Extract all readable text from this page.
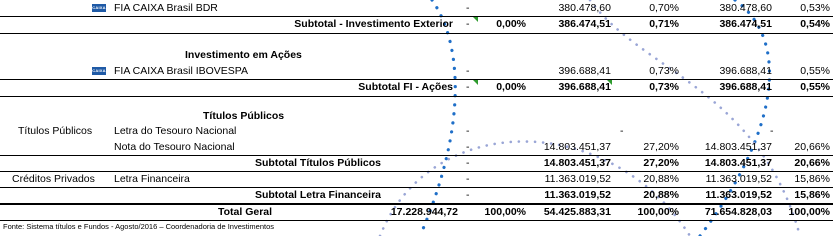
CAIXA FIA CAIXA Brasil BDR	-	380.478,60	0,70%	380.478,60	0,53%
Subtotal - Investimento Exterior -	0,00%	386.474,51	0,71%	386.474,51	0,54%
Investimento em Ações
CAIXA FIA CAIXA Brasil IBOVESPA	-	396.688,41	0,73%	396.688,41	0,55%
Subtotal FI - Ações -	0,00%	396.688,41	0,73%	396.688,41	0,55%
Títulos Públicos
Títulos Públicos Letra do Tesouro Nacional	-	-	-
Nota do Tesouro Nacional	-	14.803.451,37	27,20% 14.803.451,37 20,66%
Subtotal Títulos Públicos	-	14.803.451,37	27,20% 14.803.451,37 20,66%
Créditos Privados Letra Financeira	-	11.363.019,52	20,88%	11.363.019,52 15,86%
Subtotal Letra Financeira	-	11.363.019,52	20,88%	11.363.019,52 15,86%
Total Geral	17.228.944,72	100,00% 54.425.883,31	100,00% 71.654.828,03 100,00%
Fonte: Sistema títulos e Fundos - Agosto/2016 – Coordenadoria de Investimentos
